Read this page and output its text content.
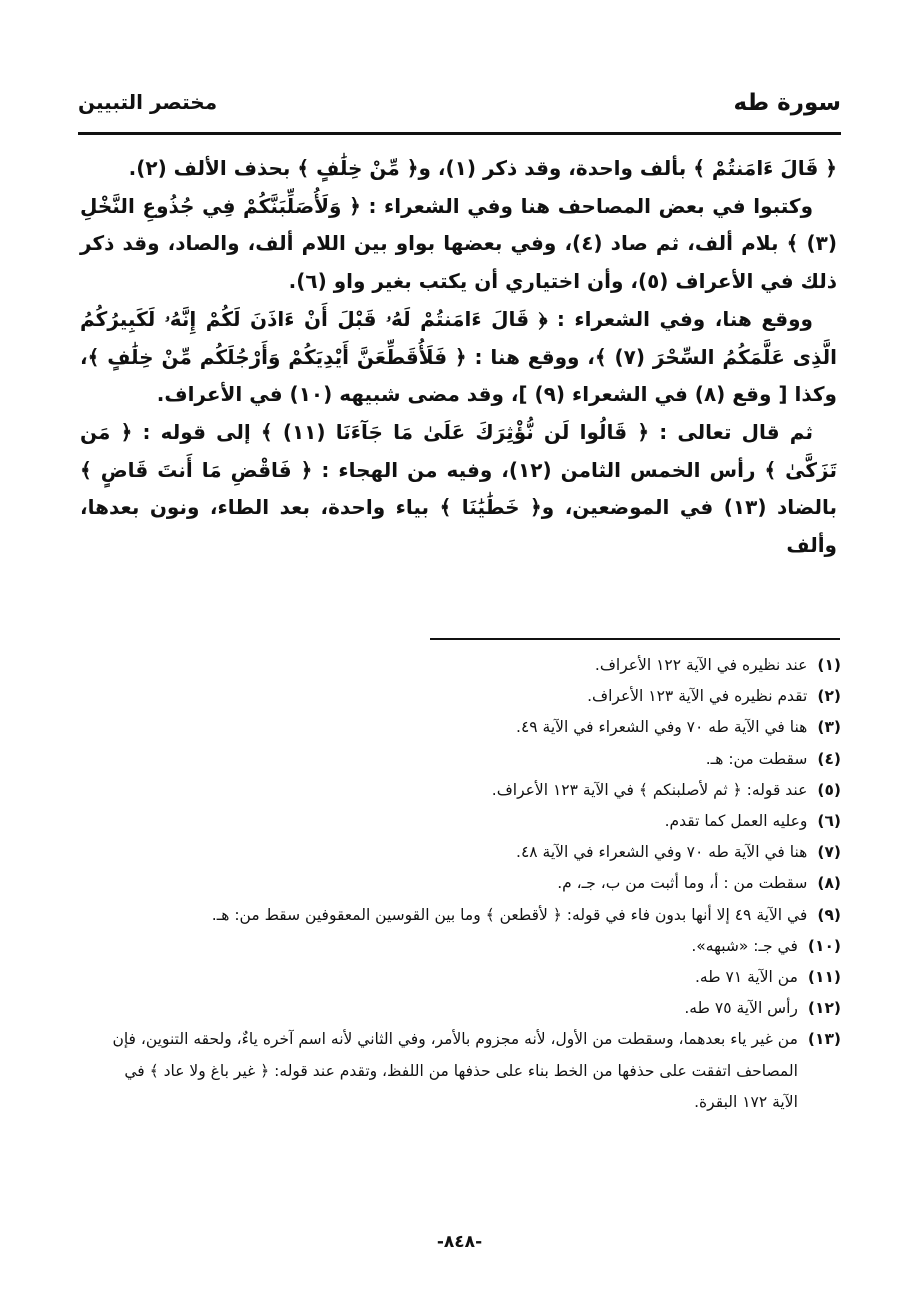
سورة طه
مختصر التبيين

﴿ قَالَ ءَامَنتُمْ ﴾ بألف واحدة، وقد ذكر (١)، و﴿ مِّنْ خِلَٰفٍ ﴾ بحذف الألف (٢).

وكتبوا في بعض المصاحف هنا وفي الشعراء : ﴿ وَلَأُصَلِّبَنَّكُمْ فِي جُذُوعِ النَّخْلِ (٣) ﴾ بلام ألف، ثم صاد (٤)، وفي بعضها بواو بين اللام ألف، والصاد، وقد ذكر ذلك في الأعراف (٥)، وأن اختياري أن يكتب بغير واو (٦).

ووقع هنا، وفي الشعراء : ﴿ قَالَ ءَامَنتُمْ لَهُۥ قَبْلَ أَنْ ءَاذَنَ لَكُمْ إِنَّهُۥ لَكَبِيرُكُمُ الَّذِى عَلَّمَكُمُ السِّحْرَ (٧) ﴾، ووقع هنا : ﴿ فَلَأُقَطِّعَنَّ أَيْدِيَكُمْ وَأَرْجُلَكُم مِّنْ خِلَٰفٍ ﴾، وكذا [ وقع (٨) في الشعراء (٩) ]، وقد مضى شبيهه (١٠) في الأعراف.

ثم قال تعالى : ﴿ قَالُوا لَن نُّؤْثِرَكَ عَلَىٰ مَا جَآءَنَا (١١) ﴾ إلى قوله : ﴿ مَن تَزَكَّىٰ ﴾ رأس الخمس الثامن (١٢)، وفيه من الهجاء : ﴿ فَاقْضِ مَا أَنتَ قَاضٍ ﴾ بالضاد (١٣) في الموضعين، و﴿ خَطَٰيَٰنَا ﴾ بياء واحدة، بعد الطاء، ونون بعدها، وألف

(١)
عند نظيره في الآية ١٢٢ الأعراف.
(٢)
تقدم نظيره في الآية ١٢٣ الأعراف.
(٣)
هنا في الآية طه ٧٠ وفي الشعراء في الآية ٤٩.
(٤)
سقطت من: هـ.
(٥)
عند قوله: ﴿ ثم لأصلبنكم ﴾ في الآية ١٢٣ الأعراف.
(٦)
وعليه العمل كما تقدم.
(٧)
هنا في الآية طه ٧٠ وفي الشعراء في الآية ٤٨.
(٨)
سقطت من : أ، وما أثبت من ب، جـ، م.
(٩)
في الآية ٤٩ إلا أنها بدون فاء في قوله: ﴿ لأقطعن ﴾ وما بين القوسين المعقوفين سقط من: هـ.
(١٠)
في جـ: «شبهه».
(١١)
من الآية ٧١ طه.
(١٢)
رأس الآية ٧٥ طه.
(١٣)
من غير ياء بعدهما، وسقطت من الأول، لأنه مجزوم بالأمر، وفي الثاني لأنه اسم آخره ياءٌ، ولحقه التنوين، فإن المصاحف اتفقت على حذفها من الخط بناء على حذفها من اللفظ، وتقدم عند قوله: ﴿ غير باغ ولا عاد ﴾ في الآية ١٧٢ البقرة.
-٨٤٨-
